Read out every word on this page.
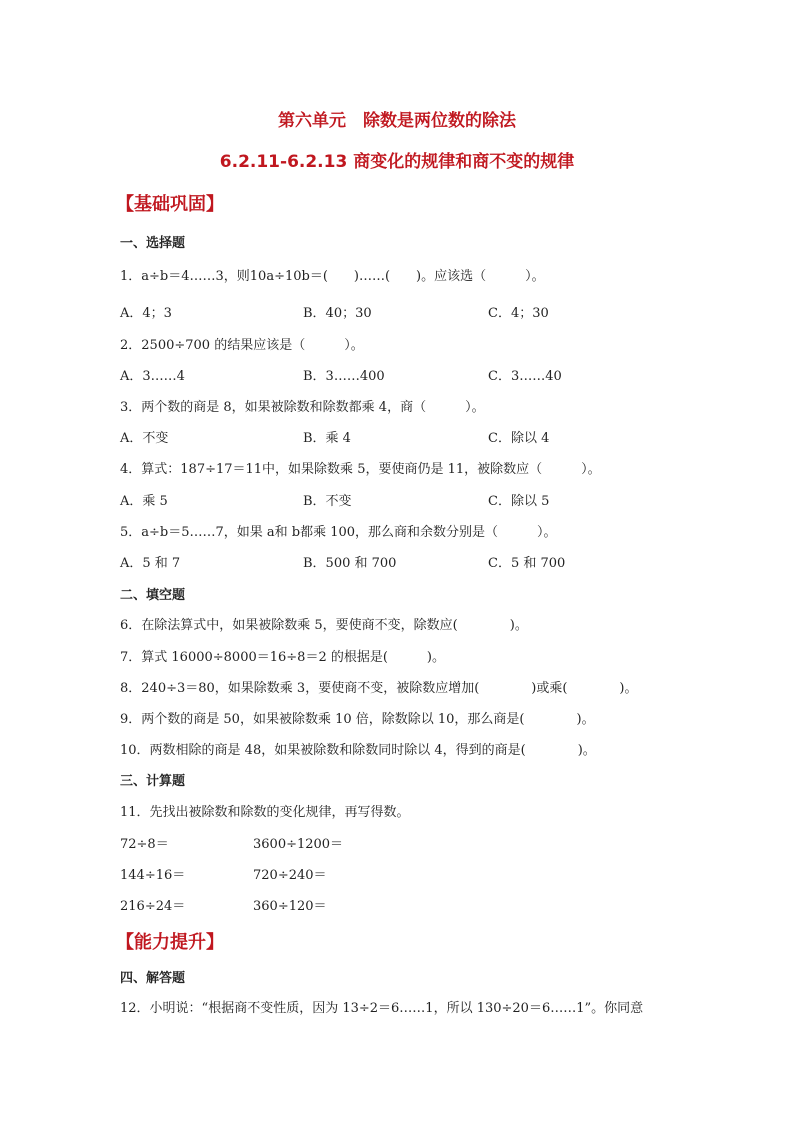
第六单元　除数是两位数的除法
6.2.11-6.2.13 商变化的规律和商不变的规律
【基础巩固】
一、选择题
1．a÷b＝4……3，则10a÷10b＝(　　)……(　　)。应该选（　　　）。
A．4；3	B．40；30	C．4；30
2．2500÷700 的结果应该是（　　　）。
A．3……4	B．3……400	C．3……40
3．两个数的商是 8，如果被除数和除数都乘 4，商（　　　）。
A．不变	B．乘 4	C．除以 4
4．算式：187÷17＝11中，如果除数乘 5，要使商仍是 11，被除数应（　　　）。
A．乘 5	B．不变	C．除以 5
5．a÷b＝5……7，如果 a和 b都乘 100，那么商和余数分别是（　　　）。
A．5 和 7	B．500 和 700	C．5 和 700
二、填空题
6．在除法算式中，如果被除数乘 5，要使商不变，除数应(　　　　)。
7．算式 16000÷8000＝16÷8＝2 的根据是(　　　)。
8．240÷3＝80，如果除数乘 3，要使商不变，被除数应增加(　　　　)或乘(　　　　)。
9．两个数的商是 50，如果被除数乘 10 倍，除数除以 10，那么商是(　　　　)。
10．两数相除的商是 48，如果被除数和除数同时除以 4，得到的商是(　　　　)。
三、计算题
11．先找出被除数和除数的变化规律，再写得数。
72÷8＝	3600÷1200＝
144÷16＝	720÷240＝
216÷24＝	360÷120＝
【能力提升】
四、解答题
12．小明说：“根据商不变性质，因为 13÷2＝6……1，所以 130÷20＝6……1”。你同意
